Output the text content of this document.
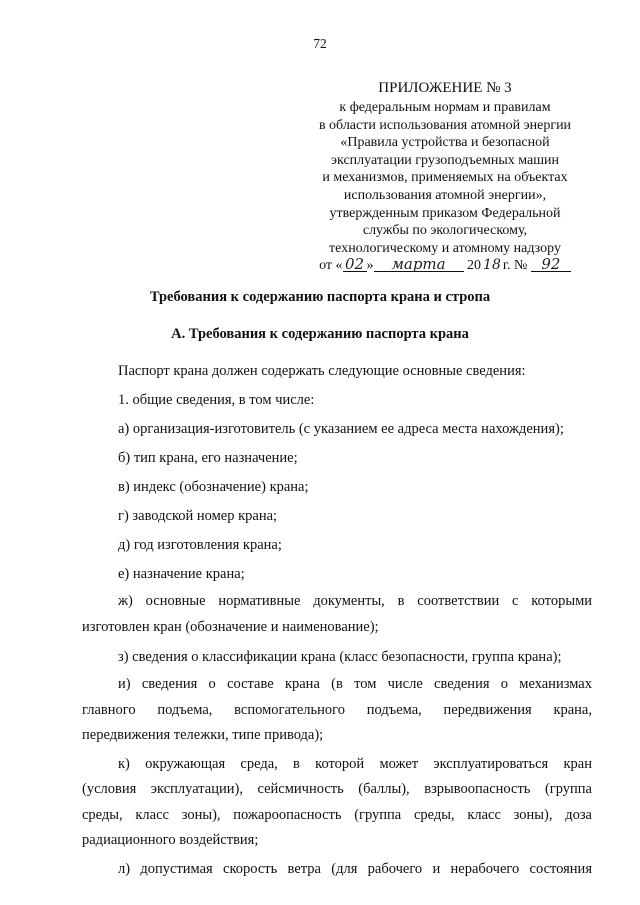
72
ПРИЛОЖЕНИЕ № 3
к федеральным нормам и правилам
в области использования атомной энергии
«Правила устройства и безопасной
эксплуатации грузоподъемных машин
и механизмов, применяемых на объектах
использования атомной энергии»,
утвержденным приказом Федеральной
службы по экологическому,
технологическому и атомному надзору
от « 02 » марта 20 18 г. № 92
Требования к содержанию паспорта крана и стропа
А. Требования к содержанию паспорта крана

Паспорт крана должен содержать следующие основные сведения:

1. общие сведения, в том числе:

а) организация-изготовитель (с указанием ее адреса места нахождения);

б) тип крана, его назначение;

в) индекс (обозначение) крана;

г) заводской номер крана;

д) год изготовления крана;

е) назначение крана;

ж) основные нормативные документы, в соответствии с которыми
изготовлен кран (обозначение и наименование);

з) сведения о классификации крана (класс безопасности, группа крана);

и) сведения о составе крана (в том числе сведения о механизмах
главного подъема, вспомогательного подъема, передвижения крана,
передвижения тележки, типе привода);
к) окружающая среда, в которой может эксплуатироваться кран
(условия эксплуатации), сейсмичность (баллы), взрывоопасность (группа
среды, класс зоны), пожароопасность (группа среды, класс зоны), доза
радиационного воздействия;
л) допустимая скорость ветра (для рабочего и нерабочего состояния
